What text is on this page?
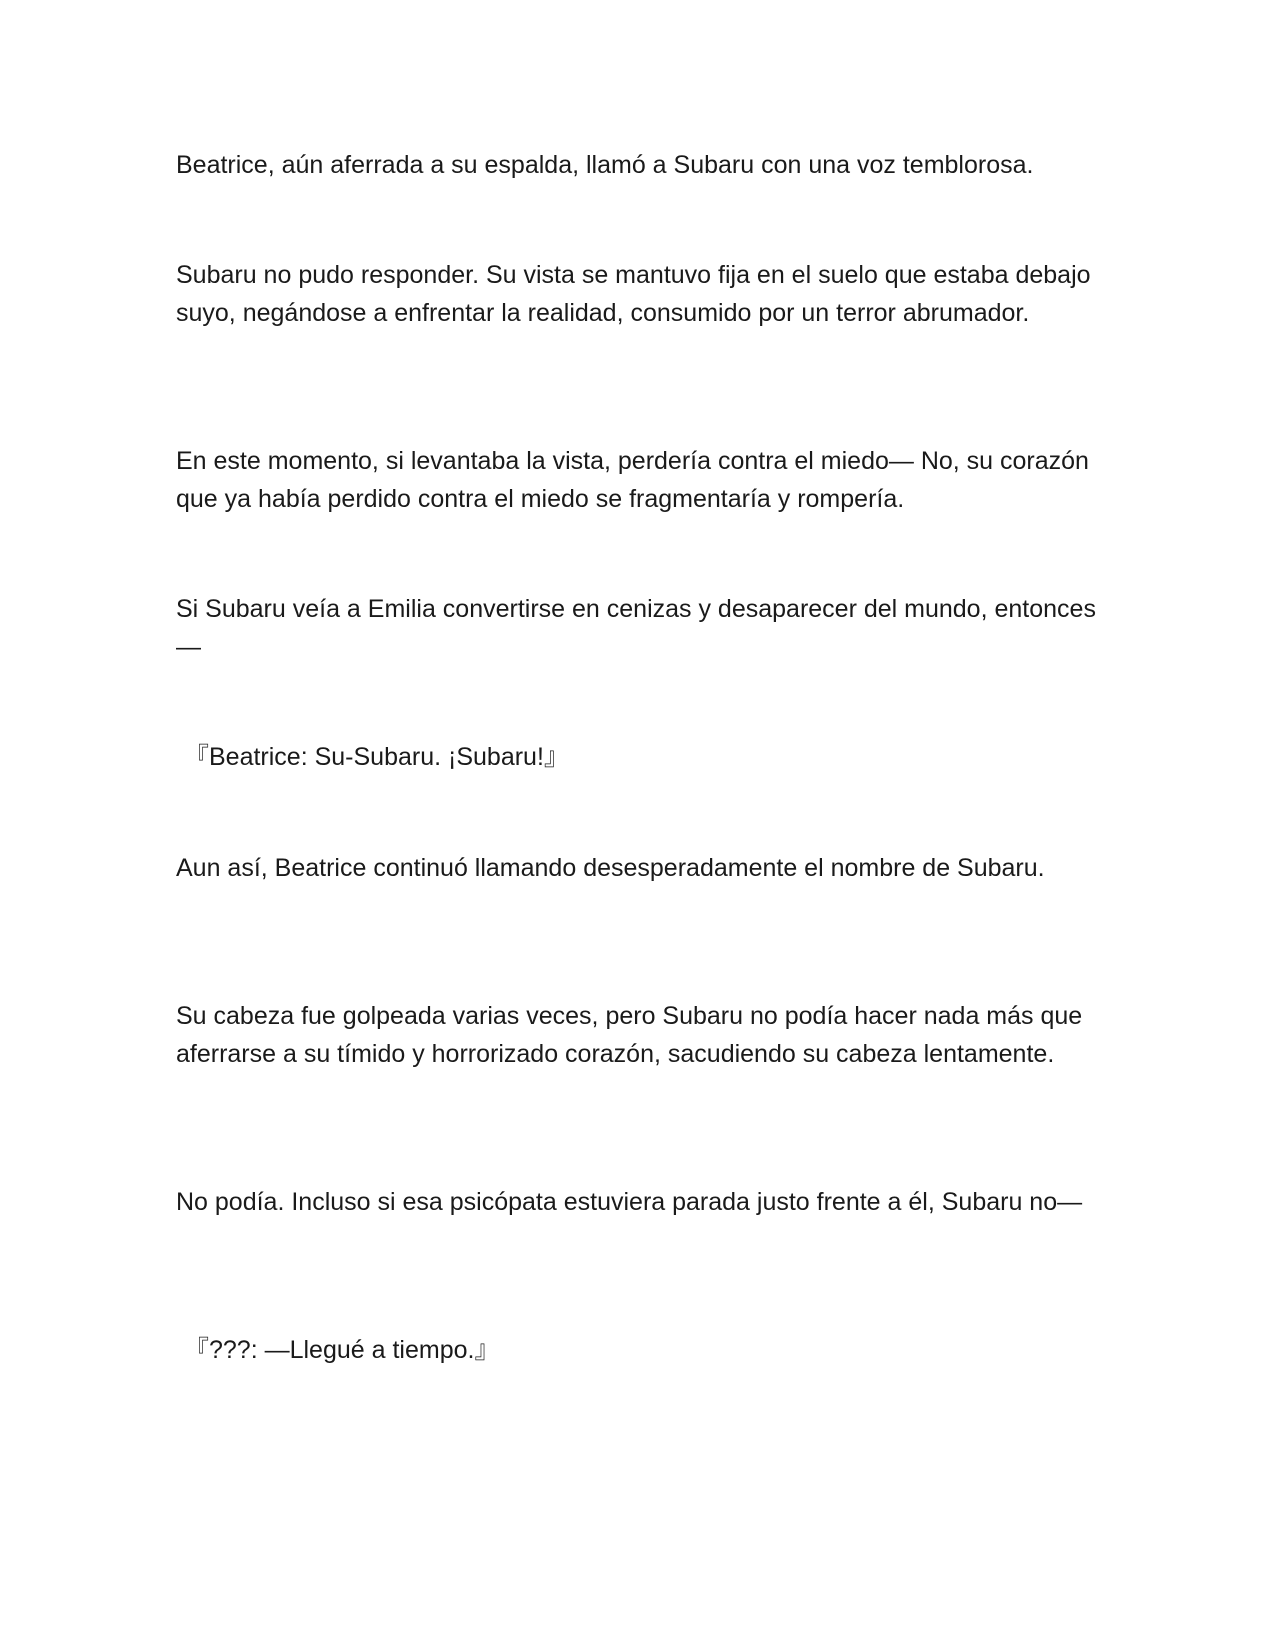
Beatrice, aún aferrada a su espalda, llamó a Subaru con una voz temblorosa.

Subaru no pudo responder. Su vista se mantuvo fija en el suelo que estaba debajo suyo, negándose a enfrentar la realidad, consumido por un terror abrumador.

En este momento, si levantaba la vista, perdería contra el miedo— No, su corazón que ya había perdido contra el miedo se fragmentaría y rompería.

Si Subaru veía a Emilia convertirse en cenizas y desaparecer del mundo, entonces—

『Beatrice: Su-Subaru. ¡Subaru!』

Aun así, Beatrice continuó llamando desesperadamente el nombre de Subaru.

Su cabeza fue golpeada varias veces, pero Subaru no podía hacer nada más que aferrarse a su tímido y horrorizado corazón, sacudiendo su cabeza lentamente.

No podía. Incluso si esa psicópata estuviera parada justo frente a él, Subaru no—

『???: —Llegué a tiempo.』
